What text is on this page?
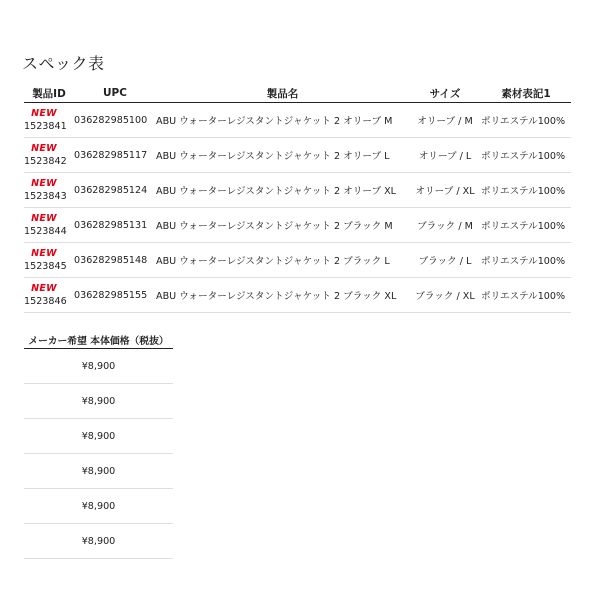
スペック表
製品ID	UPC	製品名	サイズ	素材表記1

NEW
1523841	036282985100	ABU ウォーターレジスタントジャケット 2 オリーブ M	オリーブ / M	ポリエステル100%

NEW
1523842	036282985117	ABU ウォーターレジスタントジャケット 2 オリーブ L	オリーブ / L	ポリエステル100%

NEW
1523843	036282985124	ABU ウォーターレジスタントジャケット 2 オリーブ XL	オリーブ / XL	ポリエステル100%

NEW
1523844	036282985131	ABU ウォーターレジスタントジャケット 2 ブラック M	ブラック / M	ポリエステル100%

NEW
1523845	036282985148	ABU ウォーターレジスタントジャケット 2 ブラック L	ブラック / L	ポリエステル100%

NEW
1523846	036282985155	ABU ウォーターレジスタントジャケット 2 ブラック XL	ブラック / XL	ポリエステル100%
メーカー希望 本体価格（税抜）
¥8,900
¥8,900
¥8,900
¥8,900
¥8,900
¥8,900
